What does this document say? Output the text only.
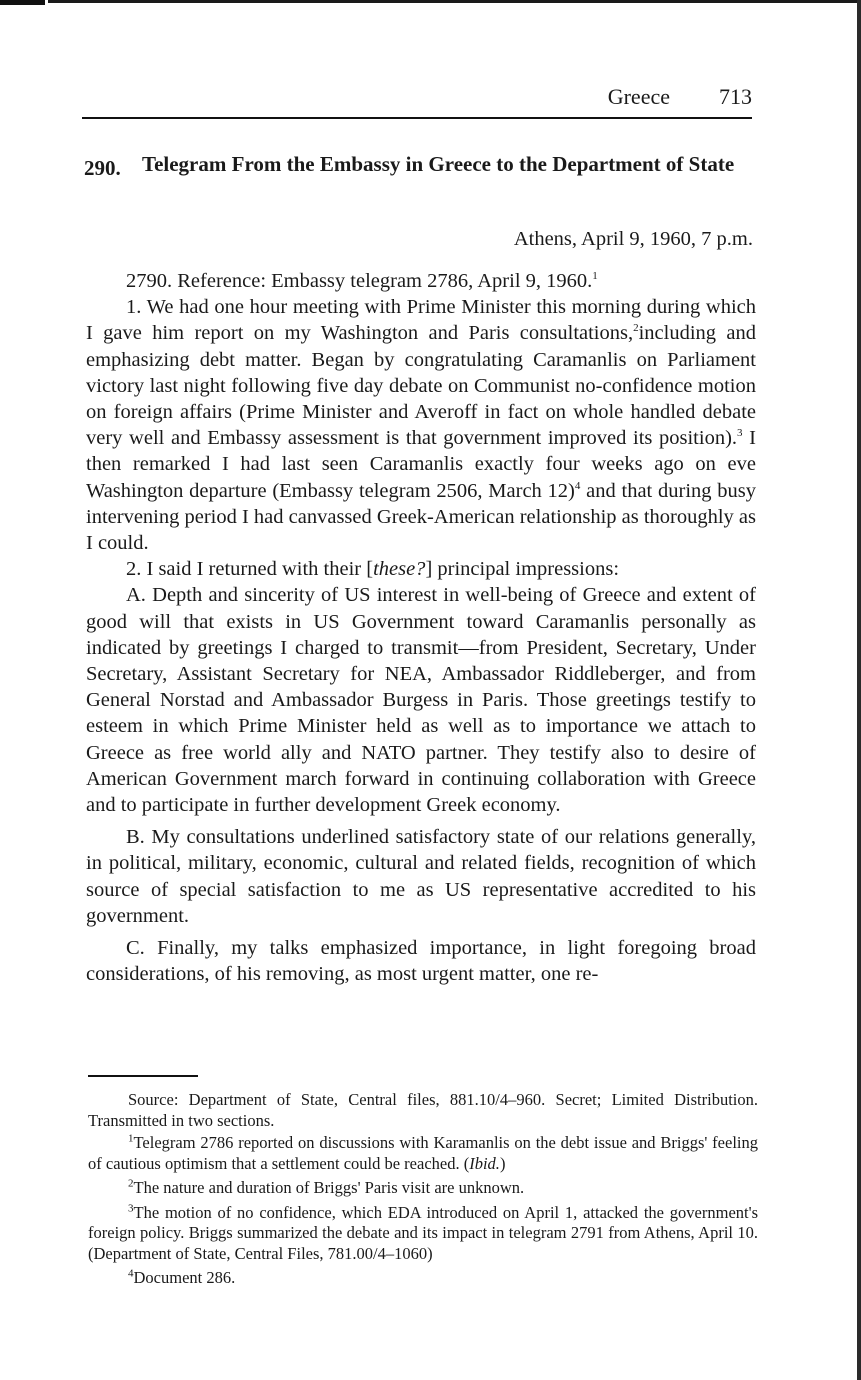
Greece 713
290. Telegram From the Embassy in Greece to the Department of State
Athens, April 9, 1960, 7 p.m.

2790. Reference: Embassy telegram 2786, April 9, 1960.$^1$

1. We had one hour meeting with Prime Minister this morning during which I gave him report on my Washington and Paris consultations,$^2$including and emphasizing debt matter. Began by congratulating Caramanlis on Parliament victory last night following five day debate on Communist no-confidence motion on foreign affairs (Prime Minister and Averoff in fact on whole handled debate very well and Embassy assessment is that government improved its position).$^3$ I then remarked I had last seen Caramanlis exactly four weeks ago on eve Washington departure (Embassy telegram 2506, March 12)$^4$ and that during busy intervening period I had canvassed Greek-American relationship as thoroughly as I could.

2. I said I returned with their [these?] principal impressions:

A. Depth and sincerity of US interest in well-being of Greece and extent of good will that exists in US Government toward Caramanlis personally as indicated by greetings I charged to transmit—from President, Secretary, Under Secretary, Assistant Secretary for NEA, Ambassador Riddleberger, and from General Norstad and Ambassador Burgess in Paris. Those greetings testify to esteem in which Prime Minister held as well as to importance we attach to Greece as free world ally and NATO partner. They testify also to desire of American Government march forward in continuing collaboration with Greece and to participate in further development Greek economy.

B. My consultations underlined satisfactory state of our relations generally, in political, military, economic, cultural and related fields, recognition of which source of special satisfaction to me as US representative accredited to his government.

C. Finally, my talks emphasized importance, in light foregoing broad considerations, of his removing, as most urgent matter, one re-

Source: Department of State, Central files, 881.10/4–960. Secret; Limited Distribution. Transmitted in two sections.

$^1$Telegram 2786 reported on discussions with Karamanlis on the debt issue and Briggs' feeling of cautious optimism that a settlement could be reached. (Ibid.)

$^2$The nature and duration of Briggs' Paris visit are unknown.

$^3$The motion of no confidence, which EDA introduced on April 1, attacked the government's foreign policy. Briggs summarized the debate and its impact in telegram 2791 from Athens, April 10. (Department of State, Central Files, 781.00/4–1060)

$^4$Document 286.
